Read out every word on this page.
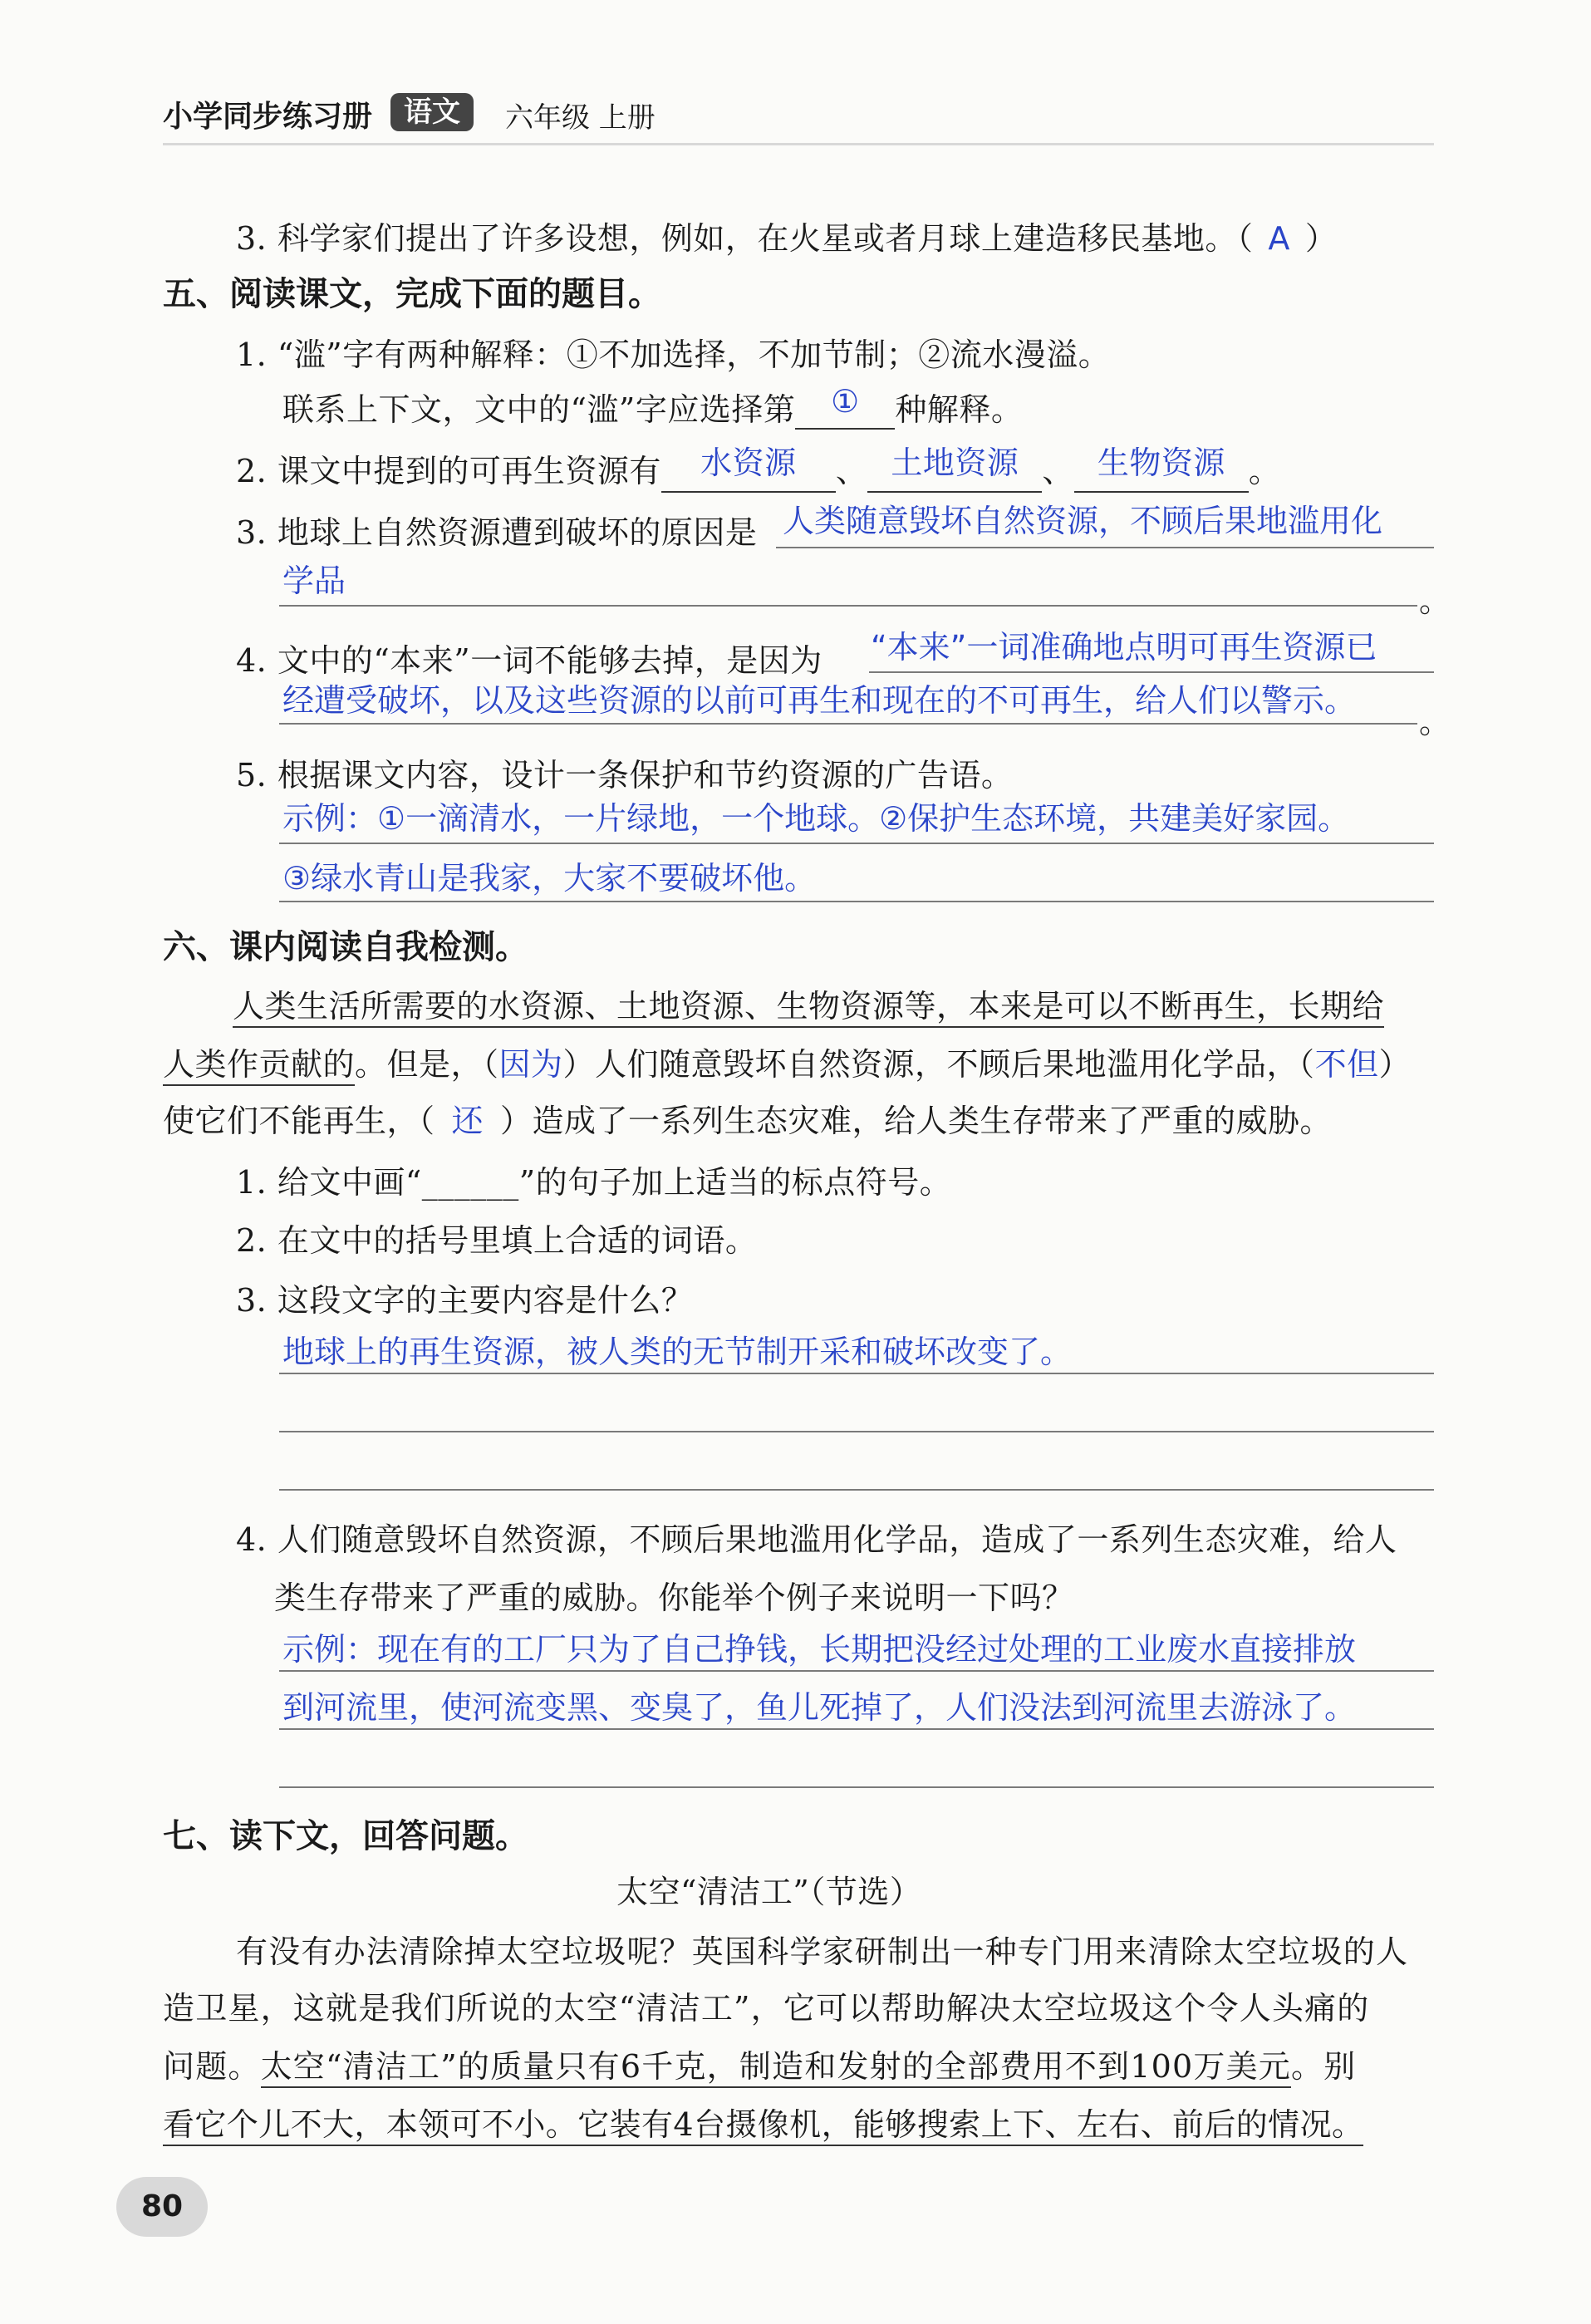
小学同步练习册	语文	六年级 上册
3. 科学家们提出了许多设想，例如，在火星或者月球上建造移民基地。（ A ）
五、阅读课文，完成下面的题目。
1. “滥”字有两种解释：①不加选择，不加节制；②流水漫溢。
联系上下文，文中的“滥”字应选择第 ① 种解释。
2. 课文中提到的可再生资源有 水资源 、 土地资源 、 生物资源 。
3. 地球上自然资源遭到破坏的原因是 人类随意毁坏自然资源，不顾后果地滥用化
学品
。
4. 文中的“本来”一词不能够去掉，是因为 “本来”一词准确地点明可再生资源已
经遭受破坏，以及这些资源的以前可再生和现在的不可再生，给人们以警示。
。
5. 根据课文内容，设计一条保护和节约资源的广告语。
示例：①一滴清水，一片绿地，一个地球。②保护生态环境，共建美好家园。
③绿水青山是我家，大家不要破坏他。
六、课内阅读自我检测。
人类生活所需要的水资源、土地资源、生物资源等，本来是可以不断再生，长期给
人类作贡献的。但是，（因为）人们随意毁坏自然资源，不顾后果地滥用化学品，（不但）
使它们不能再生，（ 还 ）造成了一系列生态灾难，给人类生存带来了严重的威胁。
1. 给文中画“______”的句子加上适当的标点符号。
2. 在文中的括号里填上合适的词语。
3. 这段文字的主要内容是什么？
地球上的再生资源，被人类的无节制开采和破坏改变了。
4. 人们随意毁坏自然资源，不顾后果地滥用化学品，造成了一系列生态灾难，给人
类生存带来了严重的威胁。你能举个例子来说明一下吗？
示例：现在有的工厂只为了自己挣钱，长期把没经过处理的工业废水直接排放
到河流里，使河流变黑、变臭了，鱼儿死掉了，人们没法到河流里去游泳了。
七、读下文，回答问题。
太空“清洁工”（节选）
有没有办法清除掉太空垃圾呢？英国科学家研制出一种专门用来清除太空垃圾的人
造卫星，这就是我们所说的太空“清洁工”，它可以帮助解决太空垃圾这个令人头痛的
问题。太空“清洁工”的质量只有6千克，制造和发射的全部费用不到100万美元。别
看它个儿不大，本领可不小。它装有4台摄像机，能够搜索上下、左右、前后的情况。
80
